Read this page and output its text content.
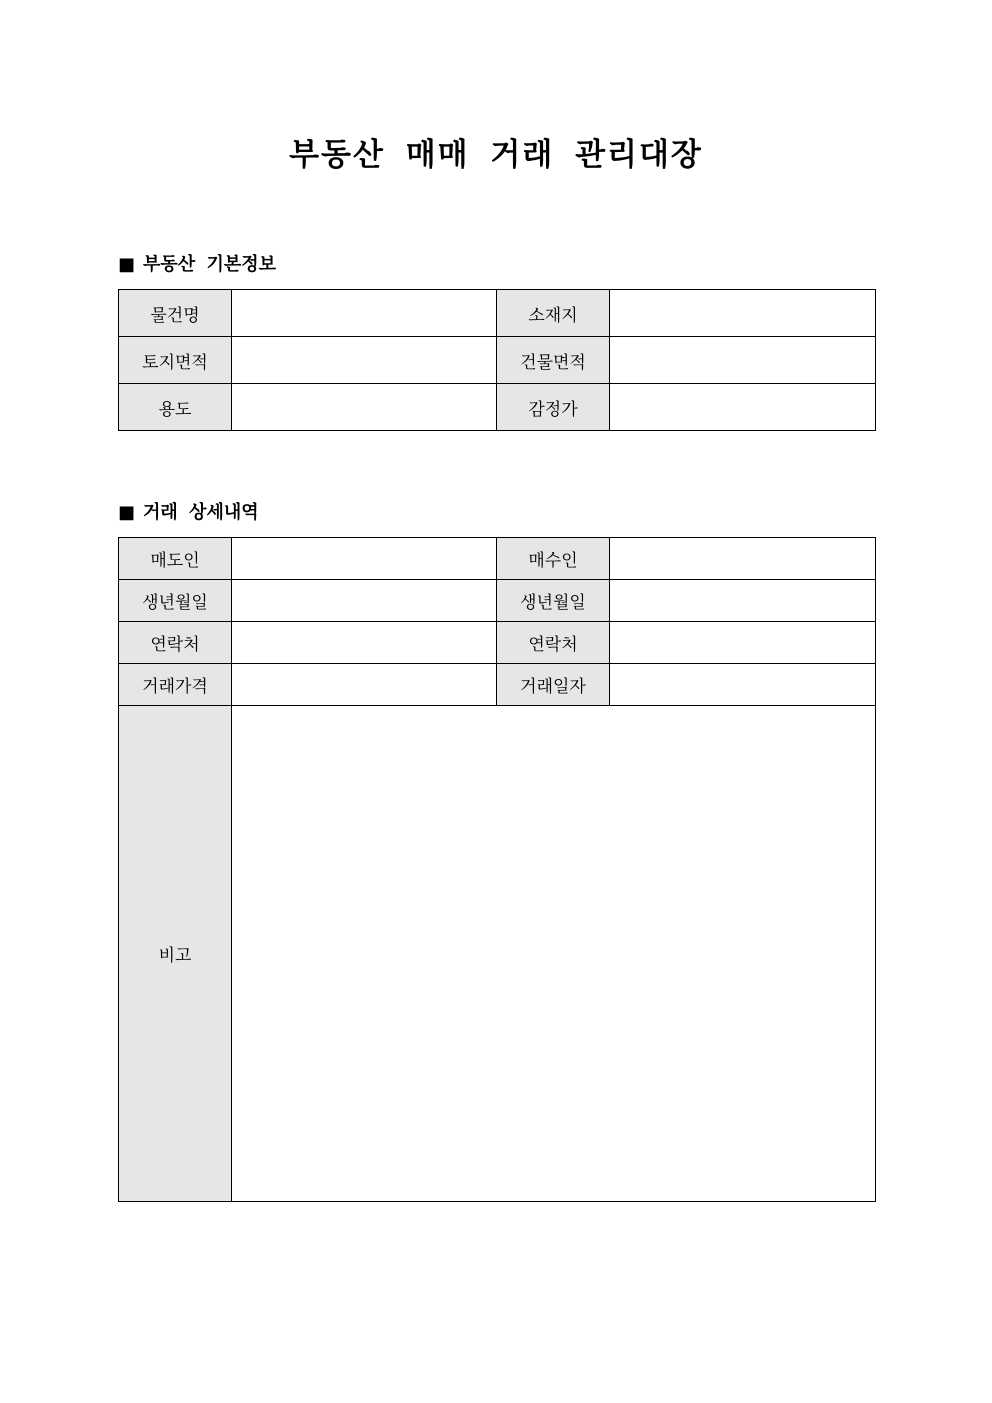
부동산 매매 거래 관리대장
■ 부동산 기본정보
물건명		소재지	
토지면적		건물면적	
용도		감정가	
■ 거래 상세내역
매도인		매수인	
생년월일		생년월일	
연락처		연락처	
거래가격		거래일자	
비고			
